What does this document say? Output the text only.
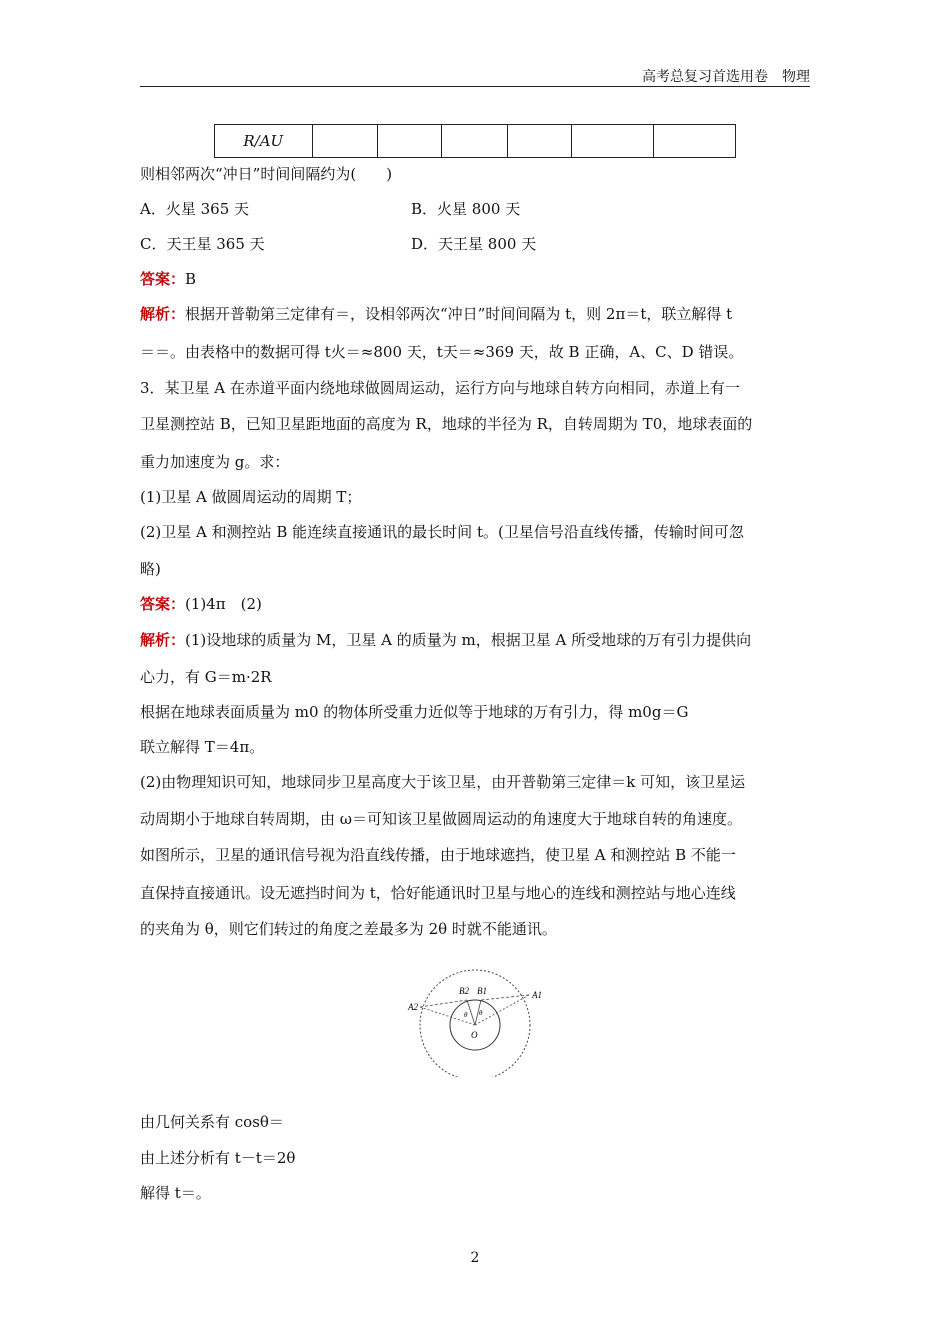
高考总复习首选用卷　 物理
R/AU						
则相邻两次“冲日”时间间隔约为(　　)
A．火星 365 天	B．火星 800 天
C．天王星 365 天	D．天王星 800 天
答案：B
解析：根据开普勒第三定律有＝，设相邻两次“冲日”时间间隔为 t，则 2π＝t，联立解得 t
＝＝。由表格中的数据可得 t火＝≈800 天，t天＝≈369 天，故 B 正确，A、C、D 错误。
3．某卫星 A 在赤道平面内绕地球做圆周运动，运行方向与地球自转方向相同，赤道上有一
卫星测控站 B，已知卫星距地面的高度为 R，地球的半径为 R，自转周期为 T0，地球表面的
重力加速度为 g。求：
(1)卫星 A 做圆周运动的周期 T；
(2)卫星 A 和测控站 B 能连续直接通讯的最长时间 t。(卫星信号沿直线传播，传输时间可忽
略)
答案：(1)4π　(2)
解析：(1)设地球的质量为 M，卫星 A 的质量为 m，根据卫星 A 所受地球的万有引力提供向
心力，有 G＝m·2R
根据在地球表面质量为 m0 的物体所受重力近似等于地球的万有引力，得 m0g＝G
联立解得 T＝4π。
(2)由物理知识可知，地球同步卫星高度大于该卫星，由开普勒第三定律＝k 可知，该卫星运
动周期小于地球自转周期，由 ω＝可知该卫星做圆周运动的角速度大于地球自转的角速度。
如图所示，卫星的通讯信号视为沿直线传播，由于地球遮挡，使卫星 A 和测控站 B 不能一
直保持直接通讯。设无遮挡时间为 t，恰好能通讯时卫星与地心的连线和测控站与地心连线
的夹角为 θ，则它们转过的角度之差最多为 2θ 时就不能通讯。
A2
A1
B2 B1
O
θ θ
由几何关系有 cosθ＝
由上述分析有 t－t＝2θ
解得 t＝。
2
